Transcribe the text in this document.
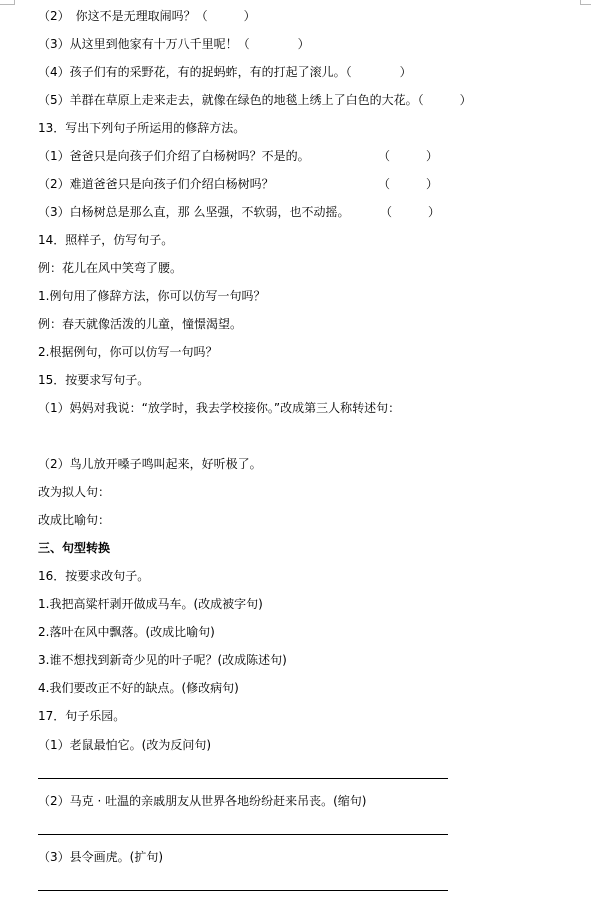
（2）　你这不是无理取闹吗？（　　　）
（3）从这里到他家有十万八千里呢！（　　　　）
（4）孩子们有的采野花，有的捉蚂蚱，有的打起了滚儿。（　　　　）
（5）羊群在草原上走来走去，就像在绿色的地毯上绣上了白色的大花。（　　　）
13．写出下列句子所运用的修辞方法。
（1）爸爸只是向孩子们介绍了白杨树吗？不是的。	（　　　）
（2）难道爸爸只是向孩子们介绍白杨树吗？	（　　　）
（3）白杨树总是那么直，那 么坚强，不软弱，也不动摇。	（　　　）
14．照样子，仿写句子。
例：花儿在风中笑弯了腰。
1.例句用了修辞方法，你可以仿写一句吗？
例：春天就像活泼的儿童，憧憬渴望。
2.根据例句，你可以仿写一句吗？
15．按要求写句子。
（1）妈妈对我说：“放学时，我去学校接你。”改成第三人称转述句：
（2）鸟儿放开嗓子鸣叫起来，好听极了。
改为拟人句：
改成比喻句：
三、句型转换
16．按要求改句子。
1.我把高粱杆剥开做成马车。(改成被字句)
2.落叶在风中飘落。(改成比喻句)
3.谁不想找到新奇少见的叶子呢？(改成陈述句)
4.我们要改正不好的缺点。(修改病句)
17．句子乐园。
（1）老鼠最怕它。(改为反问句)
（2）马克 · 吐温的亲戚朋友从世界各地纷纷赶来吊丧。(缩句)
（3）县令画虎。(扩句)
